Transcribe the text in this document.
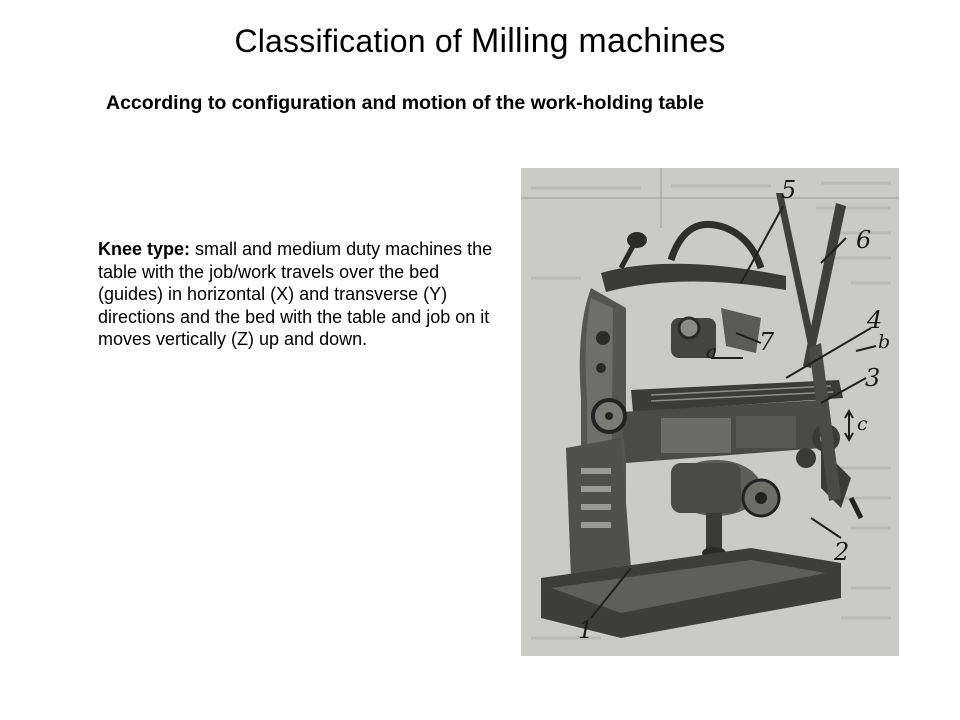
Classification of Milling machines
According to configuration and motion of the work-holding table
Knee type: small and medium duty machines the table with the job/work travels over the bed (guides) in horizontal (X) and transverse (Y) directions and the bed with the table and job on it moves vertically (Z) up and down.
1
2
3
4
5
6
7
a	b
c
